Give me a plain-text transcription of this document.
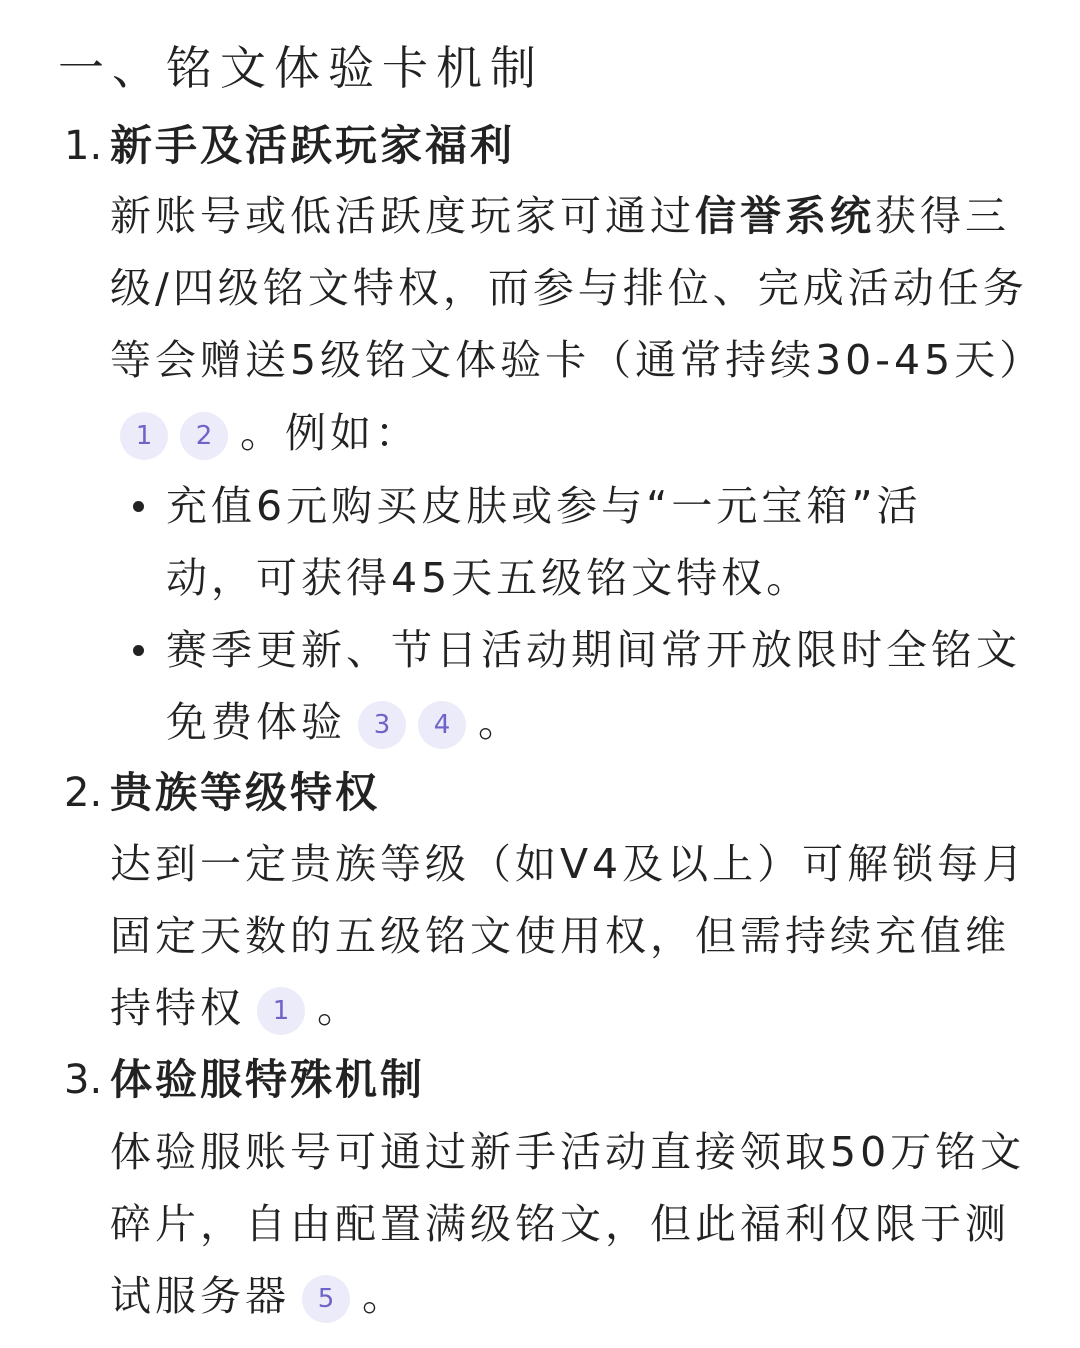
一、铭文体验卡机制
1. 新手及活跃玩家福利
新账号或低活跃度玩家可通过信誉系统获得三
级/四级铭文特权，而参与排位、完成活动任务
等会赠送5级铭文体验卡（通常持续30-45天）
1 2 。例如：
充值6元购买皮肤或参与“一元宝箱”活
动，可获得45天五级铭文特权。
赛季更新、节日活动期间常开放限时全铭文
免费体验 3 4 。
2. 贵族等级特权
达到一定贵族等级（如V4及以上）可解锁每月
固定天数的五级铭文使用权，但需持续充值维
持特权 1 。
3. 体验服特殊机制
体验服账号可通过新手活动直接领取50万铭文
碎片，自由配置满级铭文，但此福利仅限于测
试服务器 5 。
